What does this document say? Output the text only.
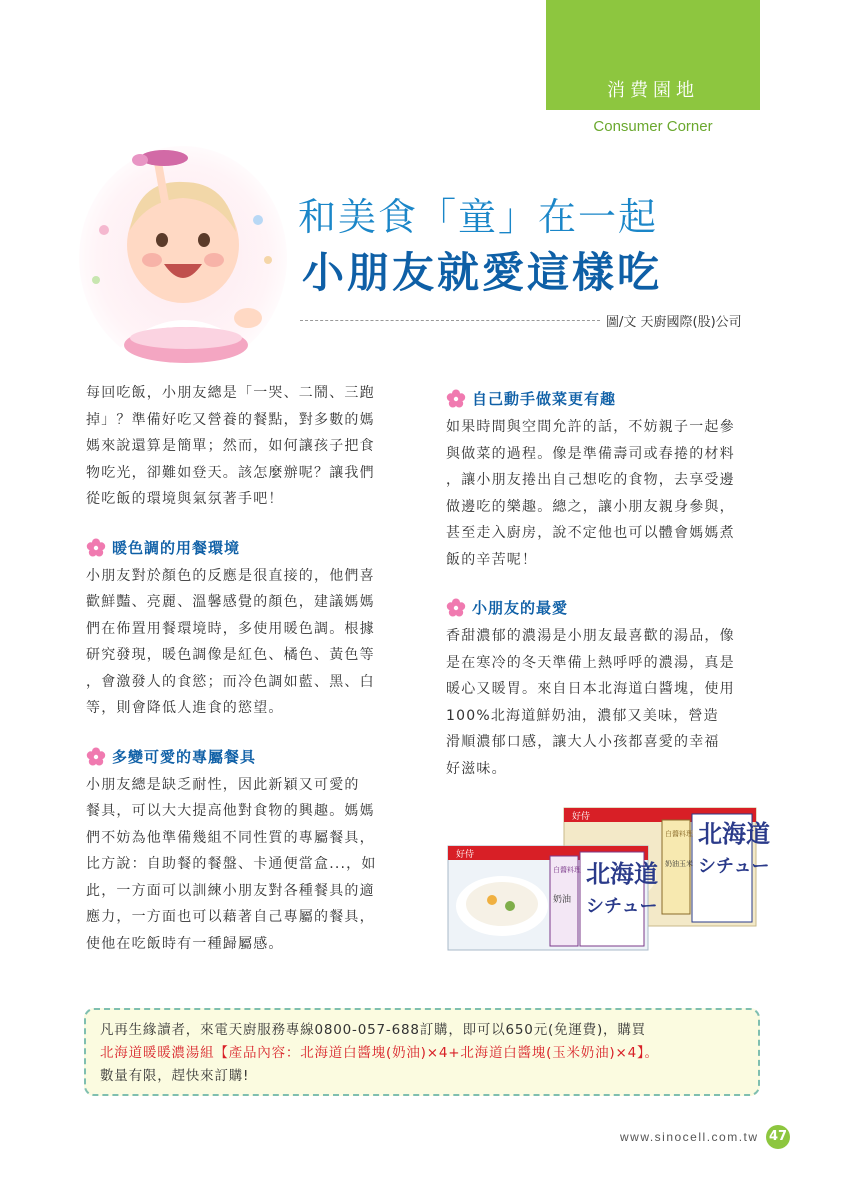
消費園地
Consumer Corner
和美食「童」在一起
小朋友就愛這樣吃
圖/文 天廚國際(股)公司

每回吃飯，小朋友總是「一哭、二鬧、三跑

掉」？準備好吃又營養的餐點，對多數的媽

媽來說還算是簡單；然而，如何讓孩子把食

物吃光，卻難如登天。該怎麼辦呢？讓我們

從吃飯的環境與氣氛著手吧！

暖色調的用餐環境

小朋友對於顏色的反應是很直接的，他們喜

歡鮮豔、亮麗、溫馨感覺的顏色，建議媽媽

們在佈置用餐環境時，多使用暖色調。根據

研究發現，暖色調像是紅色、橘色、黃色等

，會激發人的食慾；而冷色調如藍、黑、白

等，則會降低人進食的慾望。

多變可愛的專屬餐具

小朋友總是缺乏耐性，因此新穎又可愛的

餐具，可以大大提高他對食物的興趣。媽媽

們不妨為他準備幾組不同性質的專屬餐具，

比方說：自助餐的餐盤、卡通便當盒...，如

此，一方面可以訓練小朋友對各種餐具的適

應力，一方面也可以藉著自己專屬的餐具，

使他在吃飯時有一種歸屬感。

自己動手做菜更有趣

如果時間與空間允許的話，不妨親子一起參

與做菜的過程。像是準備壽司或春捲的材料

，讓小朋友捲出自己想吃的食物，去享受邊

做邊吃的樂趣。總之，讓小朋友親身參與，

甚至走入廚房，說不定他也可以體會媽媽煮

飯的辛苦呢！

小朋友的最愛

香甜濃郁的濃湯是小朋友最喜歡的湯品，像

是在寒冷的冬天準備上熱呼呼的濃湯，真是

暖心又暖胃。來自日本北海道白醬塊，使用

100%北海道鮮奶油，濃郁又美味，營造

滑順濃郁口感，讓大人小孩都喜愛的幸福

好滋味。

好侍
北海道
シチュー
白醬料理
奶油玉米
好侍
北海道
シチュー
白醬料理
奶油

凡再生緣讀者，來電天廚服務專線0800-057-688訂購，即可以650元(免運費)，購買

北海道暖暖濃湯組【產品內容：北海道白醬塊(奶油)×4+北海道白醬塊(玉米奶油)×4】。

數量有限，趕快來訂購!

www.sinocell.com.tw 47
